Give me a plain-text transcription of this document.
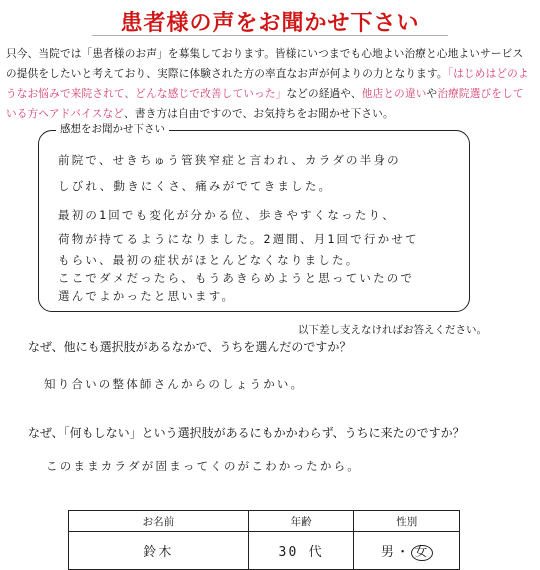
患者様の声をお聞かせ下さい
只今、当院では「患者様のお声」を募集しております。皆様にいつまでも心地よい治療と心地よいサービスの提供をしたいと考えており、実際に体験された方の率直なお声が何よりの力となります。「はじめはどのようなお悩みで来院されて、どんな感じで改善していった」などの経過や、他店との違いや治療院選びをしている方へアドバイスなど、書き方は自由ですので、お気持ちをお聞かせ下さい。
感想をお聞かせ下さい
前院で、せきちゅう管狭窄症と言われ、カラダの半身の
しびれ、動きにくさ、痛みがでてきました。
最初の1回でも変化が分かる位、歩きやすくなったり、
荷物が持てるようになりました。2週間、月1回で行かせて
もらい、最初の症状がほとんどなくなりました。
ここでダメだったら、もうあきらめようと思っていたので
選んでよかったと思います。
以下差し支えなければお答えください。
なぜ、他にも選択肢があるなかで、うちを選んだのですか？
知り合いの整体師さんからのしょうかい。
なぜ、「何もしない」という選択肢があるにもかかわらず、うちに来たのですか？
このままカラダが固まってくのがこわかったから。
お名前	年齢	性別
鈴木	30 代	男・ 女
